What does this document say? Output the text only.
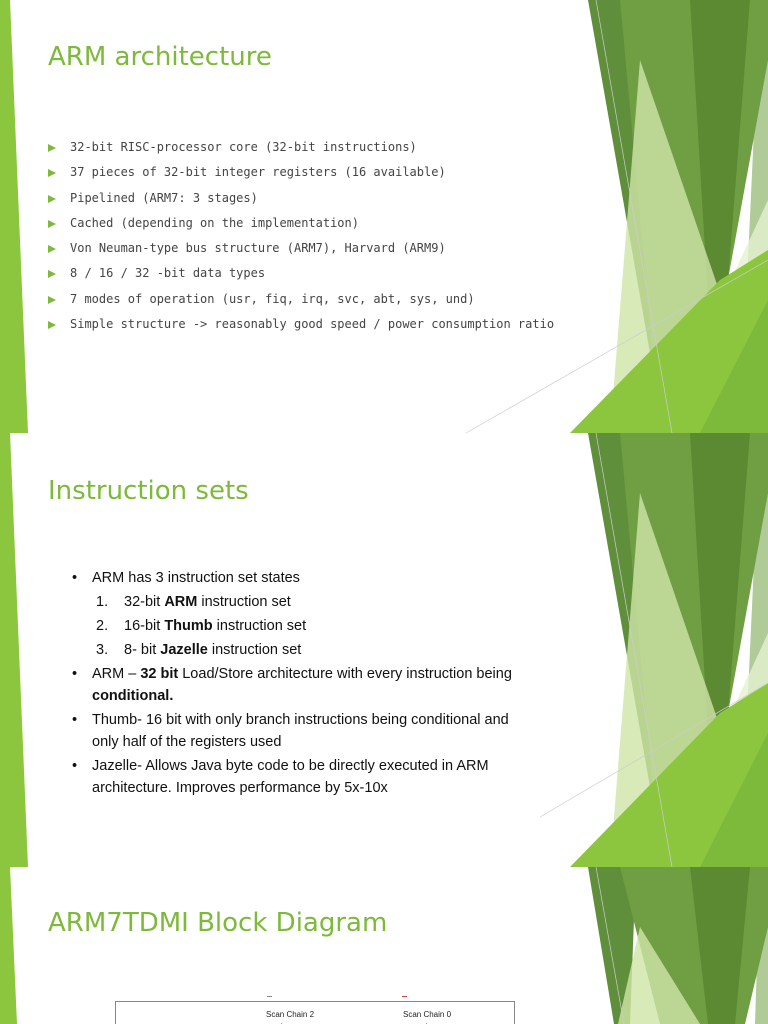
ARM architecture
32-bit RISC-processor core (32-bit instructions)
37 pieces of 32-bit integer registers (16 available)
Pipelined (ARM7: 3 stages)
Cached (depending on the implementation)
Von Neuman-type bus structure (ARM7), Harvard (ARM9)
8 / 16 / 32 -bit data types
7 modes of operation (usr, fiq, irq, svc, abt, sys, und)
Simple structure -> reasonably good speed / power consumption ratio
Instruction sets
• ARM has 3 instruction set states
1. 32-bit ARM instruction set
2. 16-bit Thumb instruction set
3. 8- bit Jazelle instruction set
• ARM – 32 bit Load/Store architecture with every instruction being conditional.
• Thumb- 16 bit with only branch instructions being conditional and only half of the registers used
• Jazelle- Allows Java byte code to be directly executed in ARM architecture. Improves performance by 5x-10x
ARM7TDMI Block Diagram
Scan Chain 2	Scan Chain 0
